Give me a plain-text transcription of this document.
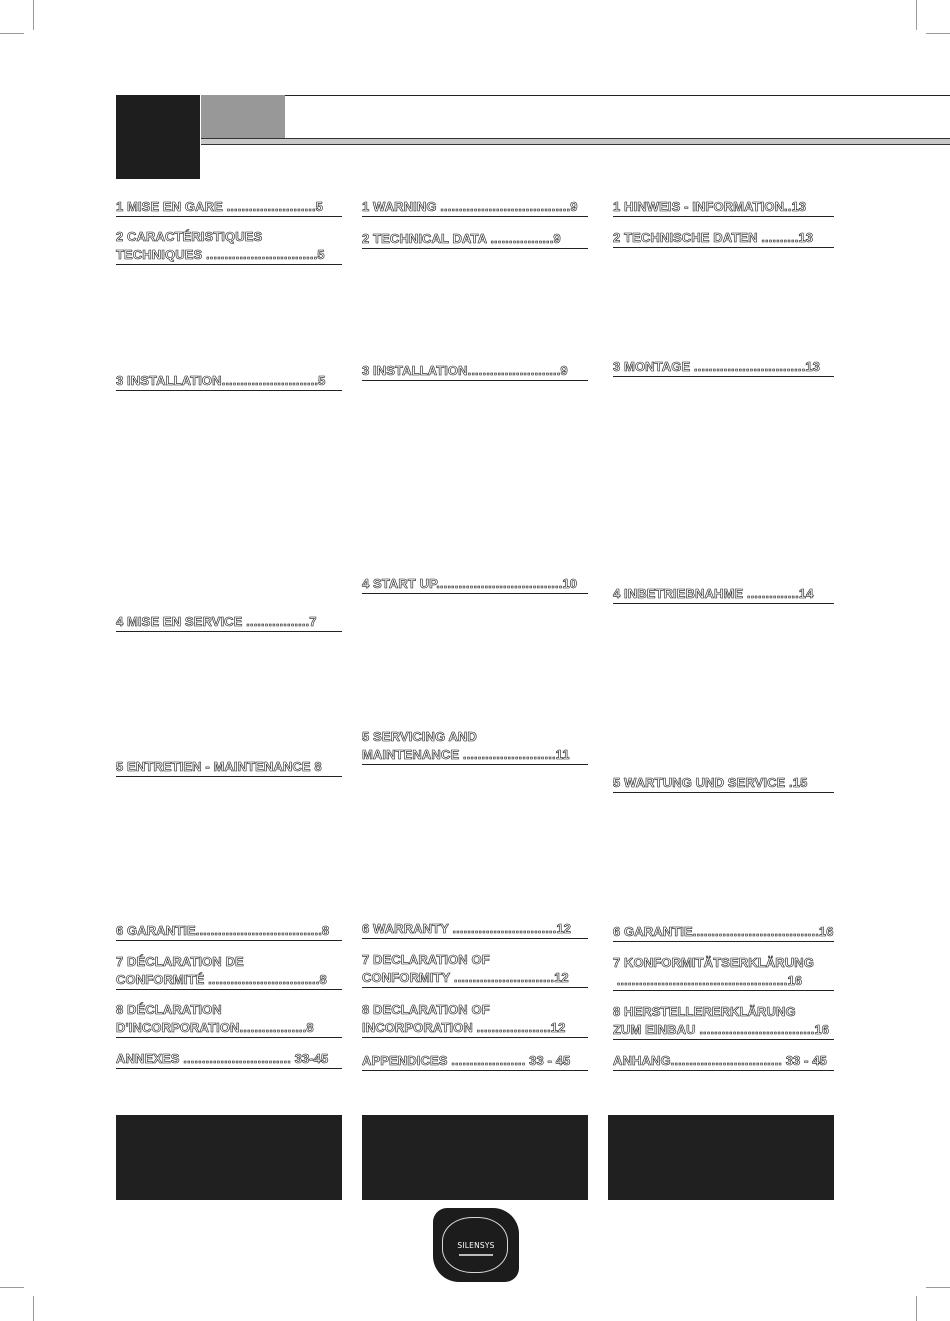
1 MISE EN GARE ........................5
2 CARACTÉRISTIQUES
TECHNIQUES ..............................5
3 INSTALLATION..........................5
4 MISE EN SERVICE .................7
5 ENTRETIEN - MAINTENANCE 8
6 GARANTIE..................................8
7 DÉCLARATION DE
CONFORMITÉ ..............................8
8 DÉCLARATION
D'INCORPORATION..................8
ANNEXES ............................. 33-45
1 WARNING ...................................9
2 TECHNICAL DATA .................9
3 INSTALLATION.........................9
4 START UP..................................10
5 SERVICING AND
MAINTENANCE .........................11
6 WARRANTY ............................12
7 DECLARATION OF
CONFORMITY ...........................12
8 DECLARATION OF
INCORPORATION ....................12
APPENDICES .................... 33 - 45
1 HINWEIS - INFORMATION..13
2 TECHNISCHE DATEN ..........13
3 MONTAGE ..............................13
4 INBETRIEBNAHME ..............14
5 WARTUNG UND SERVICE .15
6 GARANTIE..................................16
7 KONFORMITÄTSERKLÄRUNG
..............................................16
8 HERSTELLERERKLÄRUNG
ZUM EINBAU ...............................16
ANHANG.............................. 33 - 45
SILENSYS
